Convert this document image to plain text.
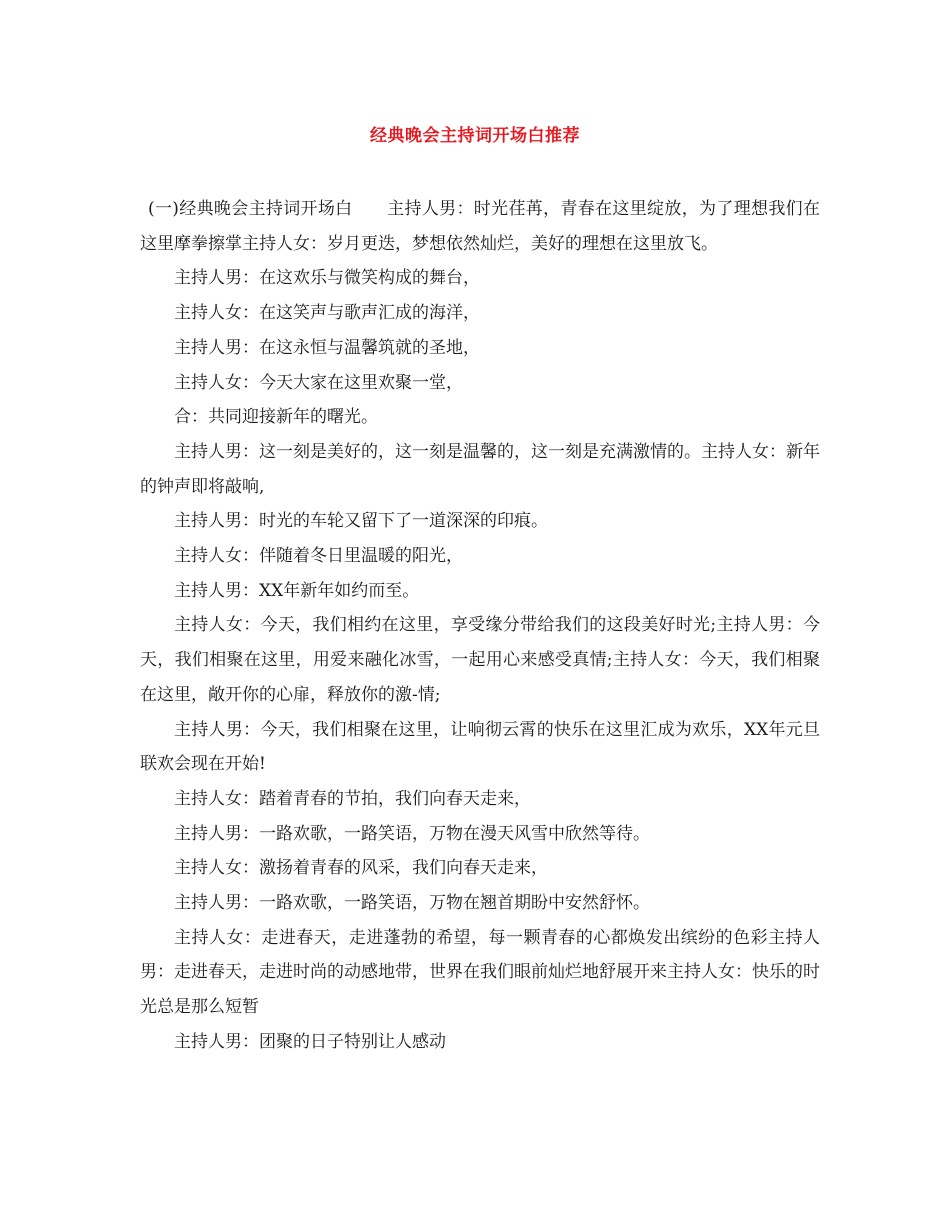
经典晚会主持词开场白推荐

(一)经典晚会主持词开场白　　主持人男：时光荏苒，青春在这里绽放，为了理想我们在这里摩拳擦掌主持人女：岁月更迭，梦想依然灿烂，美好的理想在这里放飞。

主持人男：在这欢乐与微笑构成的舞台，

主持人女：在这笑声与歌声汇成的海洋，

主持人男：在这永恒与温馨筑就的圣地，

主持人女：今天大家在这里欢聚一堂，

合：共同迎接新年的曙光。

主持人男：这一刻是美好的，这一刻是温馨的，这一刻是充满激情的。主持人女：新年的钟声即将敲响,

主持人男：时光的车轮又留下了一道深深的印痕。

主持人女：伴随着冬日里温暖的阳光，

主持人男：XX年新年如约而至。

主持人女：今天，我们相约在这里，享受缘分带给我们的这段美好时光;主持人男：今天，我们相聚在这里，用爱来融化冰雪，一起用心来感受真情;主持人女：今天，我们相聚在这里，敞开你的心扉，释放你的激-情;

主持人男：今天，我们相聚在这里，让响彻云霄的快乐在这里汇成为欢乐，XX年元旦联欢会现在开始!

主持人女：踏着青春的节拍，我们向春天走来，

主持人男：一路欢歌，一路笑语，万物在漫天风雪中欣然等待。

主持人女：激扬着青春的风采，我们向春天走来，

主持人男：一路欢歌，一路笑语，万物在翘首期盼中安然舒怀。

主持人女：走进春天，走进蓬勃的希望，每一颗青春的心都焕发出缤纷的色彩主持人男：走进春天，走进时尚的动感地带，世界在我们眼前灿烂地舒展开来主持人女：快乐的时光总是那么短暂

主持人男：团聚的日子特别让人感动
